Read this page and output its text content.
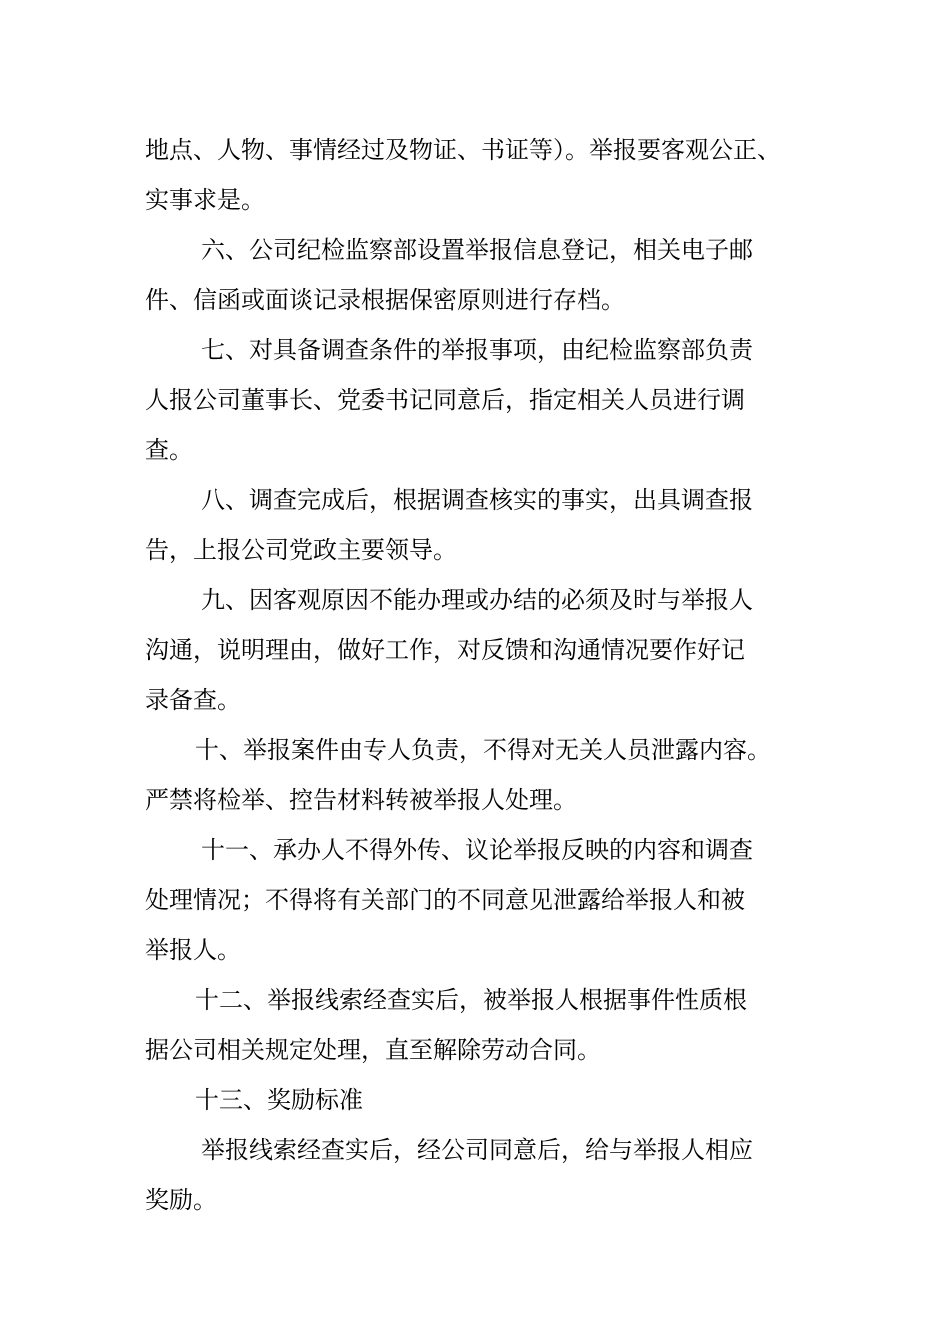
地点、人物、事情经过及物证、书证等）。举报要客观公正、
实事求是。
六、公司纪检监察部设置举报信息登记，相关电子邮
件、信函或面谈记录根据保密原则进行存档。
七、对具备调查条件的举报事项，由纪检监察部负责
人报公司董事长、党委书记同意后，指定相关人员进行调
查。
八、调查完成后，根据调查核实的事实，出具调查报
告，上报公司党政主要领导。
九、因客观原因不能办理或办结的必须及时与举报人
沟通，说明理由，做好工作，对反馈和沟通情况要作好记
录备查。
十、举报案件由专人负责，不得对无关人员泄露内容。
严禁将检举、控告材料转被举报人处理。
十一、承办人不得外传、议论举报反映的内容和调查
处理情况；不得将有关部门的不同意见泄露给举报人和被
举报人。
十二、举报线索经查实后，被举报人根据事件性质根
据公司相关规定处理，直至解除劳动合同。
十三、奖励标准
举报线索经查实后，经公司同意后，给与举报人相应
奖励。
